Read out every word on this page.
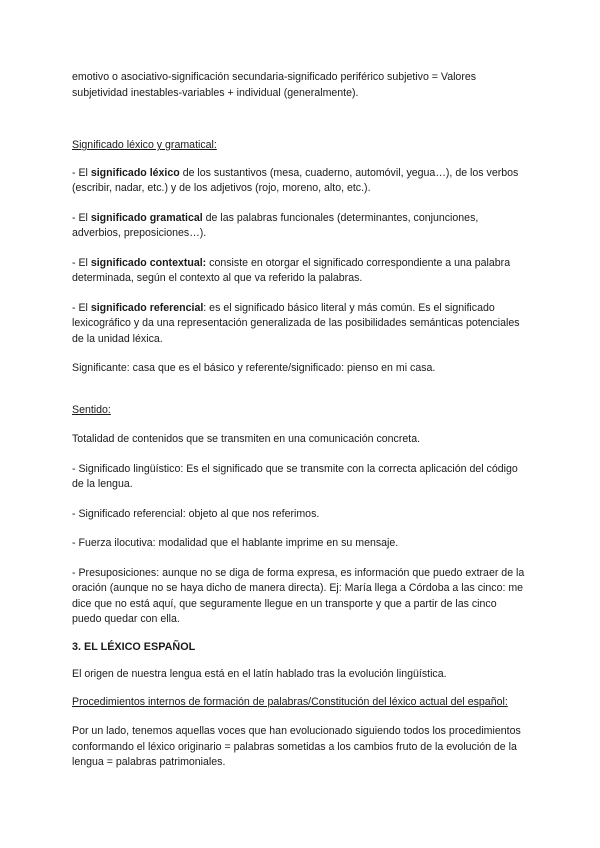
emotivo o asociativo-significación secundaria-significado periférico subjetivo = Valores subjetividad inestables-variables + individual (generalmente).

Significado léxico y gramatical:

- El significado léxico de los sustantivos (mesa, cuaderno, automóvil, yegua…), de los verbos (escribir, nadar, etc.) y de los adjetivos (rojo, moreno, alto, etc.).

- El significado gramatical de las palabras funcionales (determinantes, conjunciones, adverbios, preposiciones…).

- El significado contextual: consiste en otorgar el significado correspondiente a una palabra determinada, según el contexto al que va referido la palabras.

- El significado referencial: es el significado básico literal y más común. Es el significado lexicográfico y da una representación generalizada de las posibilidades semánticas potenciales de la unidad léxica.

Significante: casa que es el básico y referente/significado: pienso en mi casa.

Sentido:

Totalidad de contenidos que se transmiten en una comunicación concreta.

- Significado lingüístico: Es el significado que se transmite con la correcta aplicación del código de la lengua.

- Significado referencial: objeto al que nos referimos.

- Fuerza ilocutiva: modalidad que el hablante imprime en su mensaje.

- Presuposiciones: aunque no se diga de forma expresa, es información que puedo extraer de la oración (aunque no se haya dicho de manera directa). Ej: María llega a Córdoba a las cinco: me dice que no está aquí, que seguramente llegue en un transporte y que a partir de las cinco puedo quedar con ella.

3. EL LÉXICO ESPAÑOL

El origen de nuestra lengua está en el latín hablado tras la evolución lingüística.

Procedimientos internos de formación de palabras/Constitución del léxico actual del español:

Por un lado, tenemos aquellas voces que han evolucionado siguiendo todos los procedimientos conformando el léxico originario = palabras sometidas a los cambios fruto de la evolución de la lengua = palabras patrimoniales.
